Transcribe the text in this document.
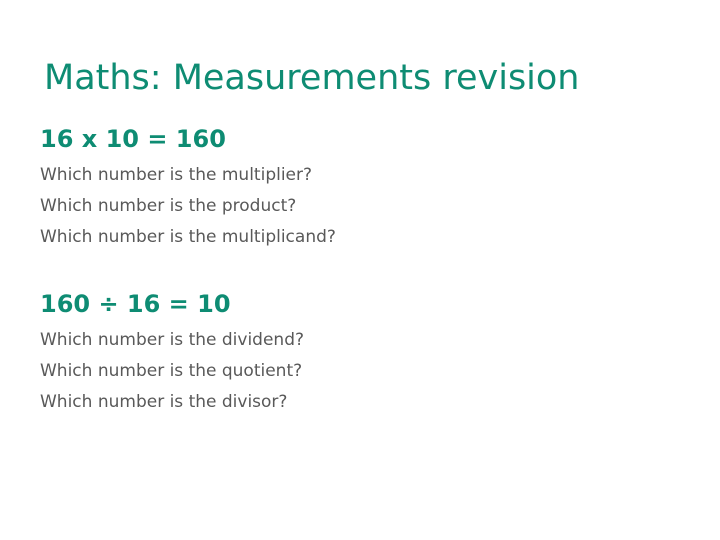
Maths: Measurements revision
16 x 10 = 160
Which number is the multiplier?
Which number is the product?
Which number is the multiplicand?
160 ÷ 16 = 10
Which number is the dividend?
Which number is the quotient?
Which number is the divisor?
